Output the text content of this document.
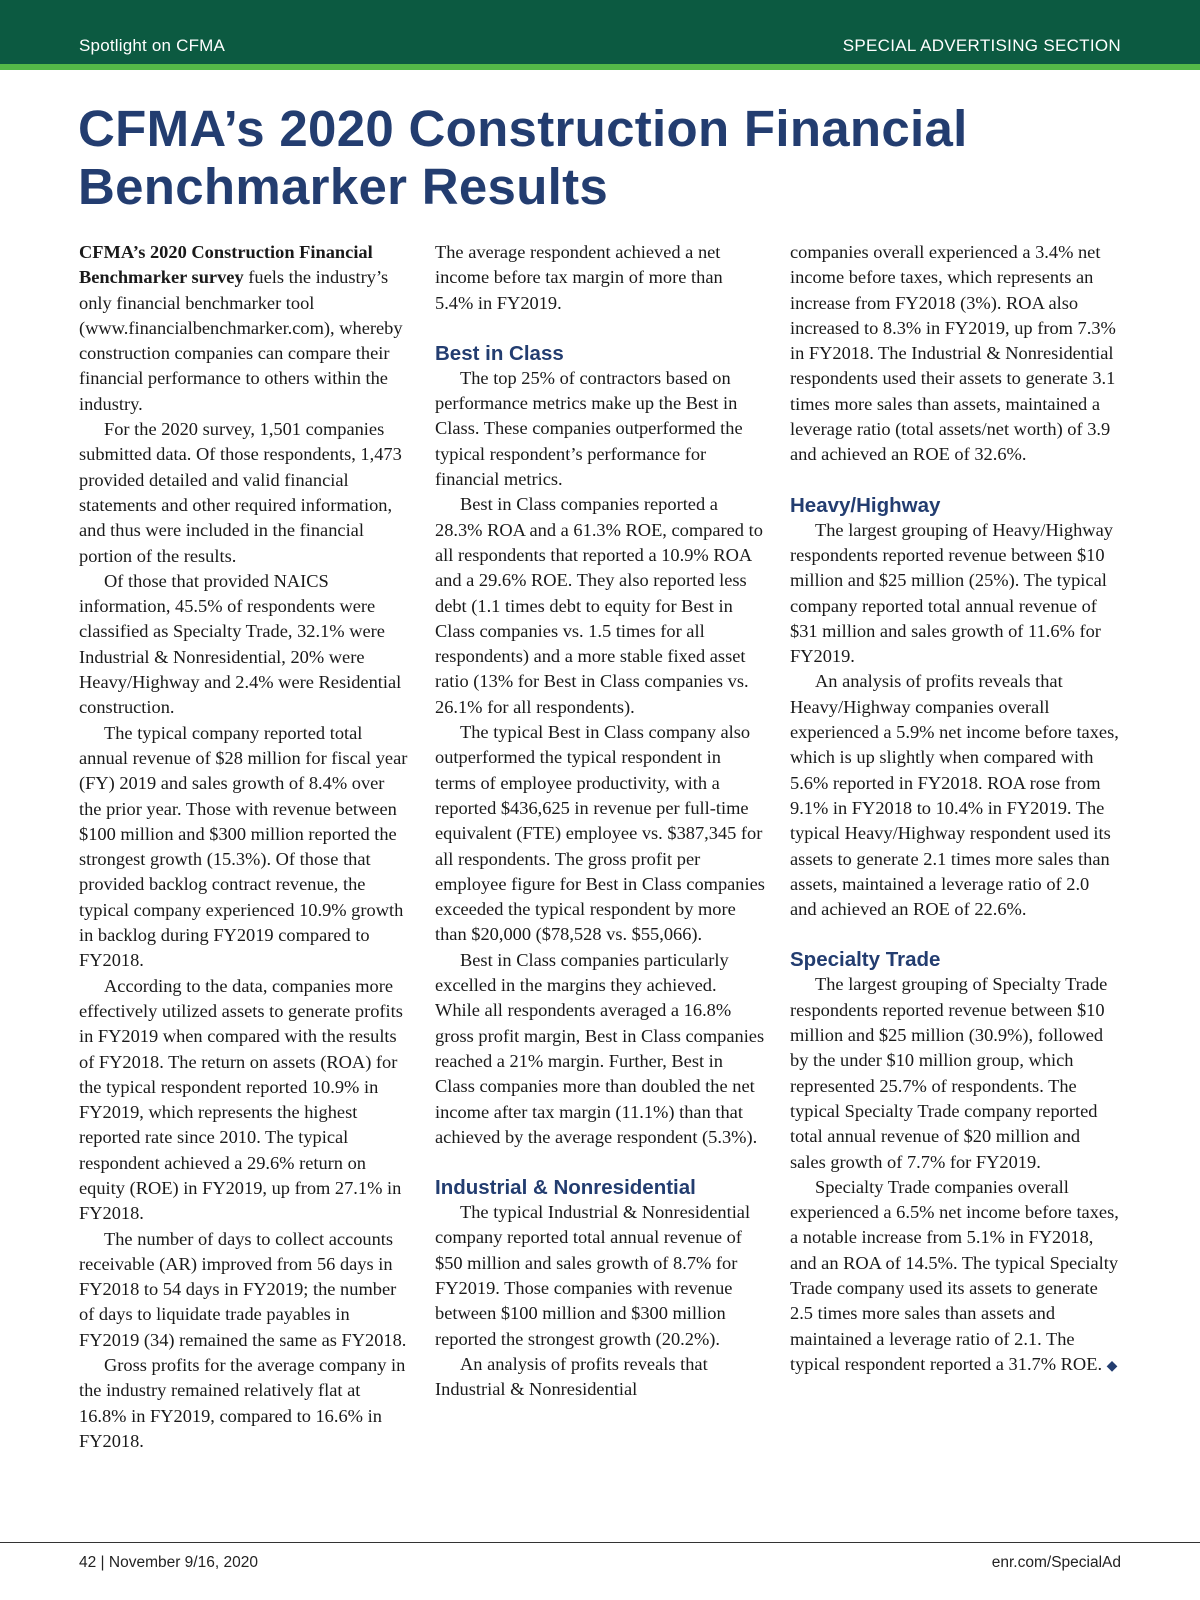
Spotlight on CFMA	SPECIAL ADVERTISING SECTION
CFMA’s 2020 Construction Financial Benchmarker Results

CFMA’s 2020 Construction Financial Benchmarker survey fuels the industry’s only financial benchmarker tool (www.financialbenchmarker.com), whereby construction companies can compare their financial performance to others within the industry.

For the 2020 survey, 1,501 companies submitted data. Of those respondents, 1,473 provided detailed and valid financial statements and other required information, and thus were included in the financial portion of the results.

Of those that provided NAICS information, 45.5% of respondents were classified as Specialty Trade, 32.1% were Industrial & Nonresidential, 20% were Heavy/Highway and 2.4% were Residential construction.

The typical company reported total annual revenue of $28 million for fiscal year (FY) 2019 and sales growth of 8.4% over the prior year. Those with revenue between $100 million and $300 million reported the strongest growth (15.3%). Of those that provided backlog contract revenue, the typical company experienced 10.9% growth in backlog during FY2019 compared to FY2018.

According to the data, companies more effectively utilized assets to generate profits in FY2019 when compared with the results of FY2018. The return on assets (ROA) for the typical respondent reported 10.9% in FY2019, which represents the highest reported rate since 2010. The typical respondent achieved a 29.6% return on equity (ROE) in FY2019, up from 27.1% in FY2018.

The number of days to collect accounts receivable (AR) improved from 56 days in FY2018 to 54 days in FY2019; the number of days to liquidate trade payables in FY2019 (34) remained the same as FY2018.

Gross profits for the average company in the industry remained relatively flat at 16.8% in FY2019, compared to 16.6% in FY2018.

The average respondent achieved a net income before tax margin of more than 5.4% in FY2019.

Best in Class

The top 25% of contractors based on performance metrics make up the Best in Class. These companies outperformed the typical respondent’s performance for financial metrics.

Best in Class companies reported a 28.3% ROA and a 61.3% ROE, compared to all respondents that reported a 10.9% ROA and a 29.6% ROE. They also reported less debt (1.1 times debt to equity for Best in Class companies vs. 1.5 times for all respondents) and a more stable fixed asset ratio (13% for Best in Class companies vs. 26.1% for all respondents).

The typical Best in Class company also outperformed the typical respondent in terms of employee productivity, with a reported $436,625 in revenue per full-time equivalent (FTE) employee vs. $387,345 for all respondents. The gross profit per employee figure for Best in Class companies exceeded the typical respondent by more than $20,000 ($78,528 vs. $55,066).

Best in Class companies particularly excelled in the margins they achieved. While all respondents averaged a 16.8% gross profit margin, Best in Class companies reached a 21% margin. Further, Best in Class companies more than doubled the net income after tax margin (11.1%) than that achieved by the average respondent (5.3%).

Industrial & Nonresidential

The typical Industrial & Nonresidential company reported total annual revenue of $50 million and sales growth of 8.7% for FY2019. Those companies with revenue between $100 million and $300 million reported the strongest growth (20.2%).

An analysis of profits reveals that Industrial & Nonresidential

companies overall experienced a 3.4% net income before taxes, which represents an increase from FY2018 (3%). ROA also increased to 8.3% in FY2019, up from 7.3% in FY2018. The Industrial & Nonresidential respondents used their assets to generate 3.1 times more sales than assets, maintained a leverage ratio (total assets/net worth) of 3.9 and achieved an ROE of 32.6%.

Heavy/Highway

The largest grouping of Heavy/Highway respondents reported revenue between $10 million and $25 million (25%). The typical company reported total annual revenue of $31 million and sales growth of 11.6% for FY2019.

An analysis of profits reveals that Heavy/Highway companies overall experienced a 5.9% net income before taxes, which is up slightly when compared with 5.6% reported in FY2018. ROA rose from 9.1% in FY2018 to 10.4% in FY2019. The typical Heavy/Highway respondent used its assets to generate 2.1 times more sales than assets, maintained a leverage ratio of 2.0 and achieved an ROE of 22.6%.

Specialty Trade

The largest grouping of Specialty Trade respondents reported revenue between $10 million and $25 million (30.9%), followed by the under $10 million group, which represented 25.7% of respondents. The typical Specialty Trade company reported total annual revenue of $20 million and sales growth of 7.7% for FY2019.

Specialty Trade companies overall experienced a 6.5% net income before taxes, a notable increase from 5.1% in FY2018, and an ROA of 14.5%. The typical Specialty Trade company used its assets to generate 2.5 times more sales than assets and maintained a leverage ratio of 2.1. The typical respondent reported a 31.7% ROE. ◆

42 | November 9/16, 2020	enr.com/SpecialAd
